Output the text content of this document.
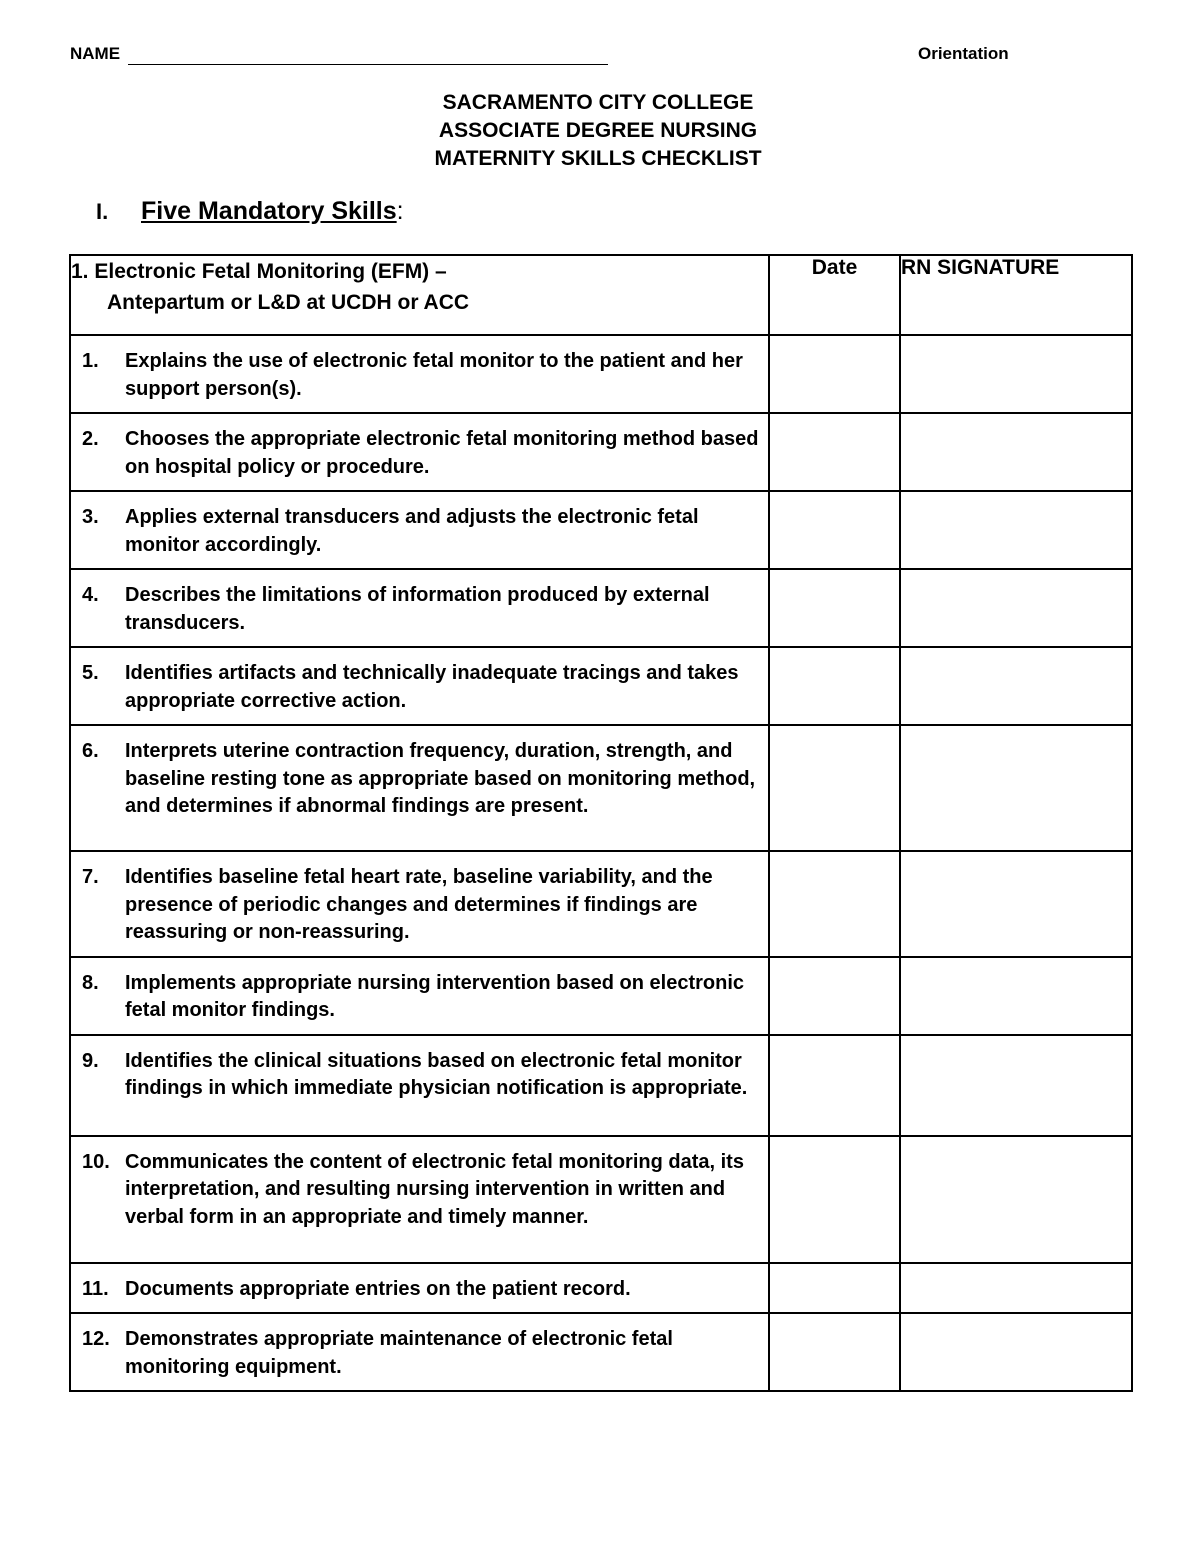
NAME	Orientation
SACRAMENTO CITY COLLEGE
ASSOCIATE DEGREE NURSING
MATERNITY SKILLS CHECKLIST
I. Five Mandatory Skills:
1. Electronic Fetal Monitoring (EFM) –
Antepartum or L&D at UCDH or ACC	Date	RN SIGNATURE

1. Explains the use of electronic fetal monitor to the patient and her support person(s).		

2. Chooses the appropriate electronic fetal monitoring method based on hospital policy or procedure.		

3. Applies external transducers and adjusts the electronic fetal monitor accordingly.		

4. Describes the limitations of information produced by external transducers.		

5. Identifies artifacts and technically inadequate tracings and takes appropriate corrective action.		

6. Interprets uterine contraction frequency, duration, strength, and baseline resting tone as appropriate based on monitoring method, and determines if abnormal findings are present.		

7. Identifies baseline fetal heart rate, baseline variability, and the presence of periodic changes and determines if findings are reassuring or non-reassuring.		

8. Implements appropriate nursing intervention based on electronic fetal monitor findings.		

9. Identifies the clinical situations based on electronic fetal monitor findings in which immediate physician notification is appropriate.		

10. Communicates the content of electronic fetal monitoring data, its interpretation, and resulting nursing intervention in written and verbal form in an appropriate and timely manner.		

11. Documents appropriate entries on the patient record.		

12. Demonstrates appropriate maintenance of electronic fetal monitoring equipment.		
